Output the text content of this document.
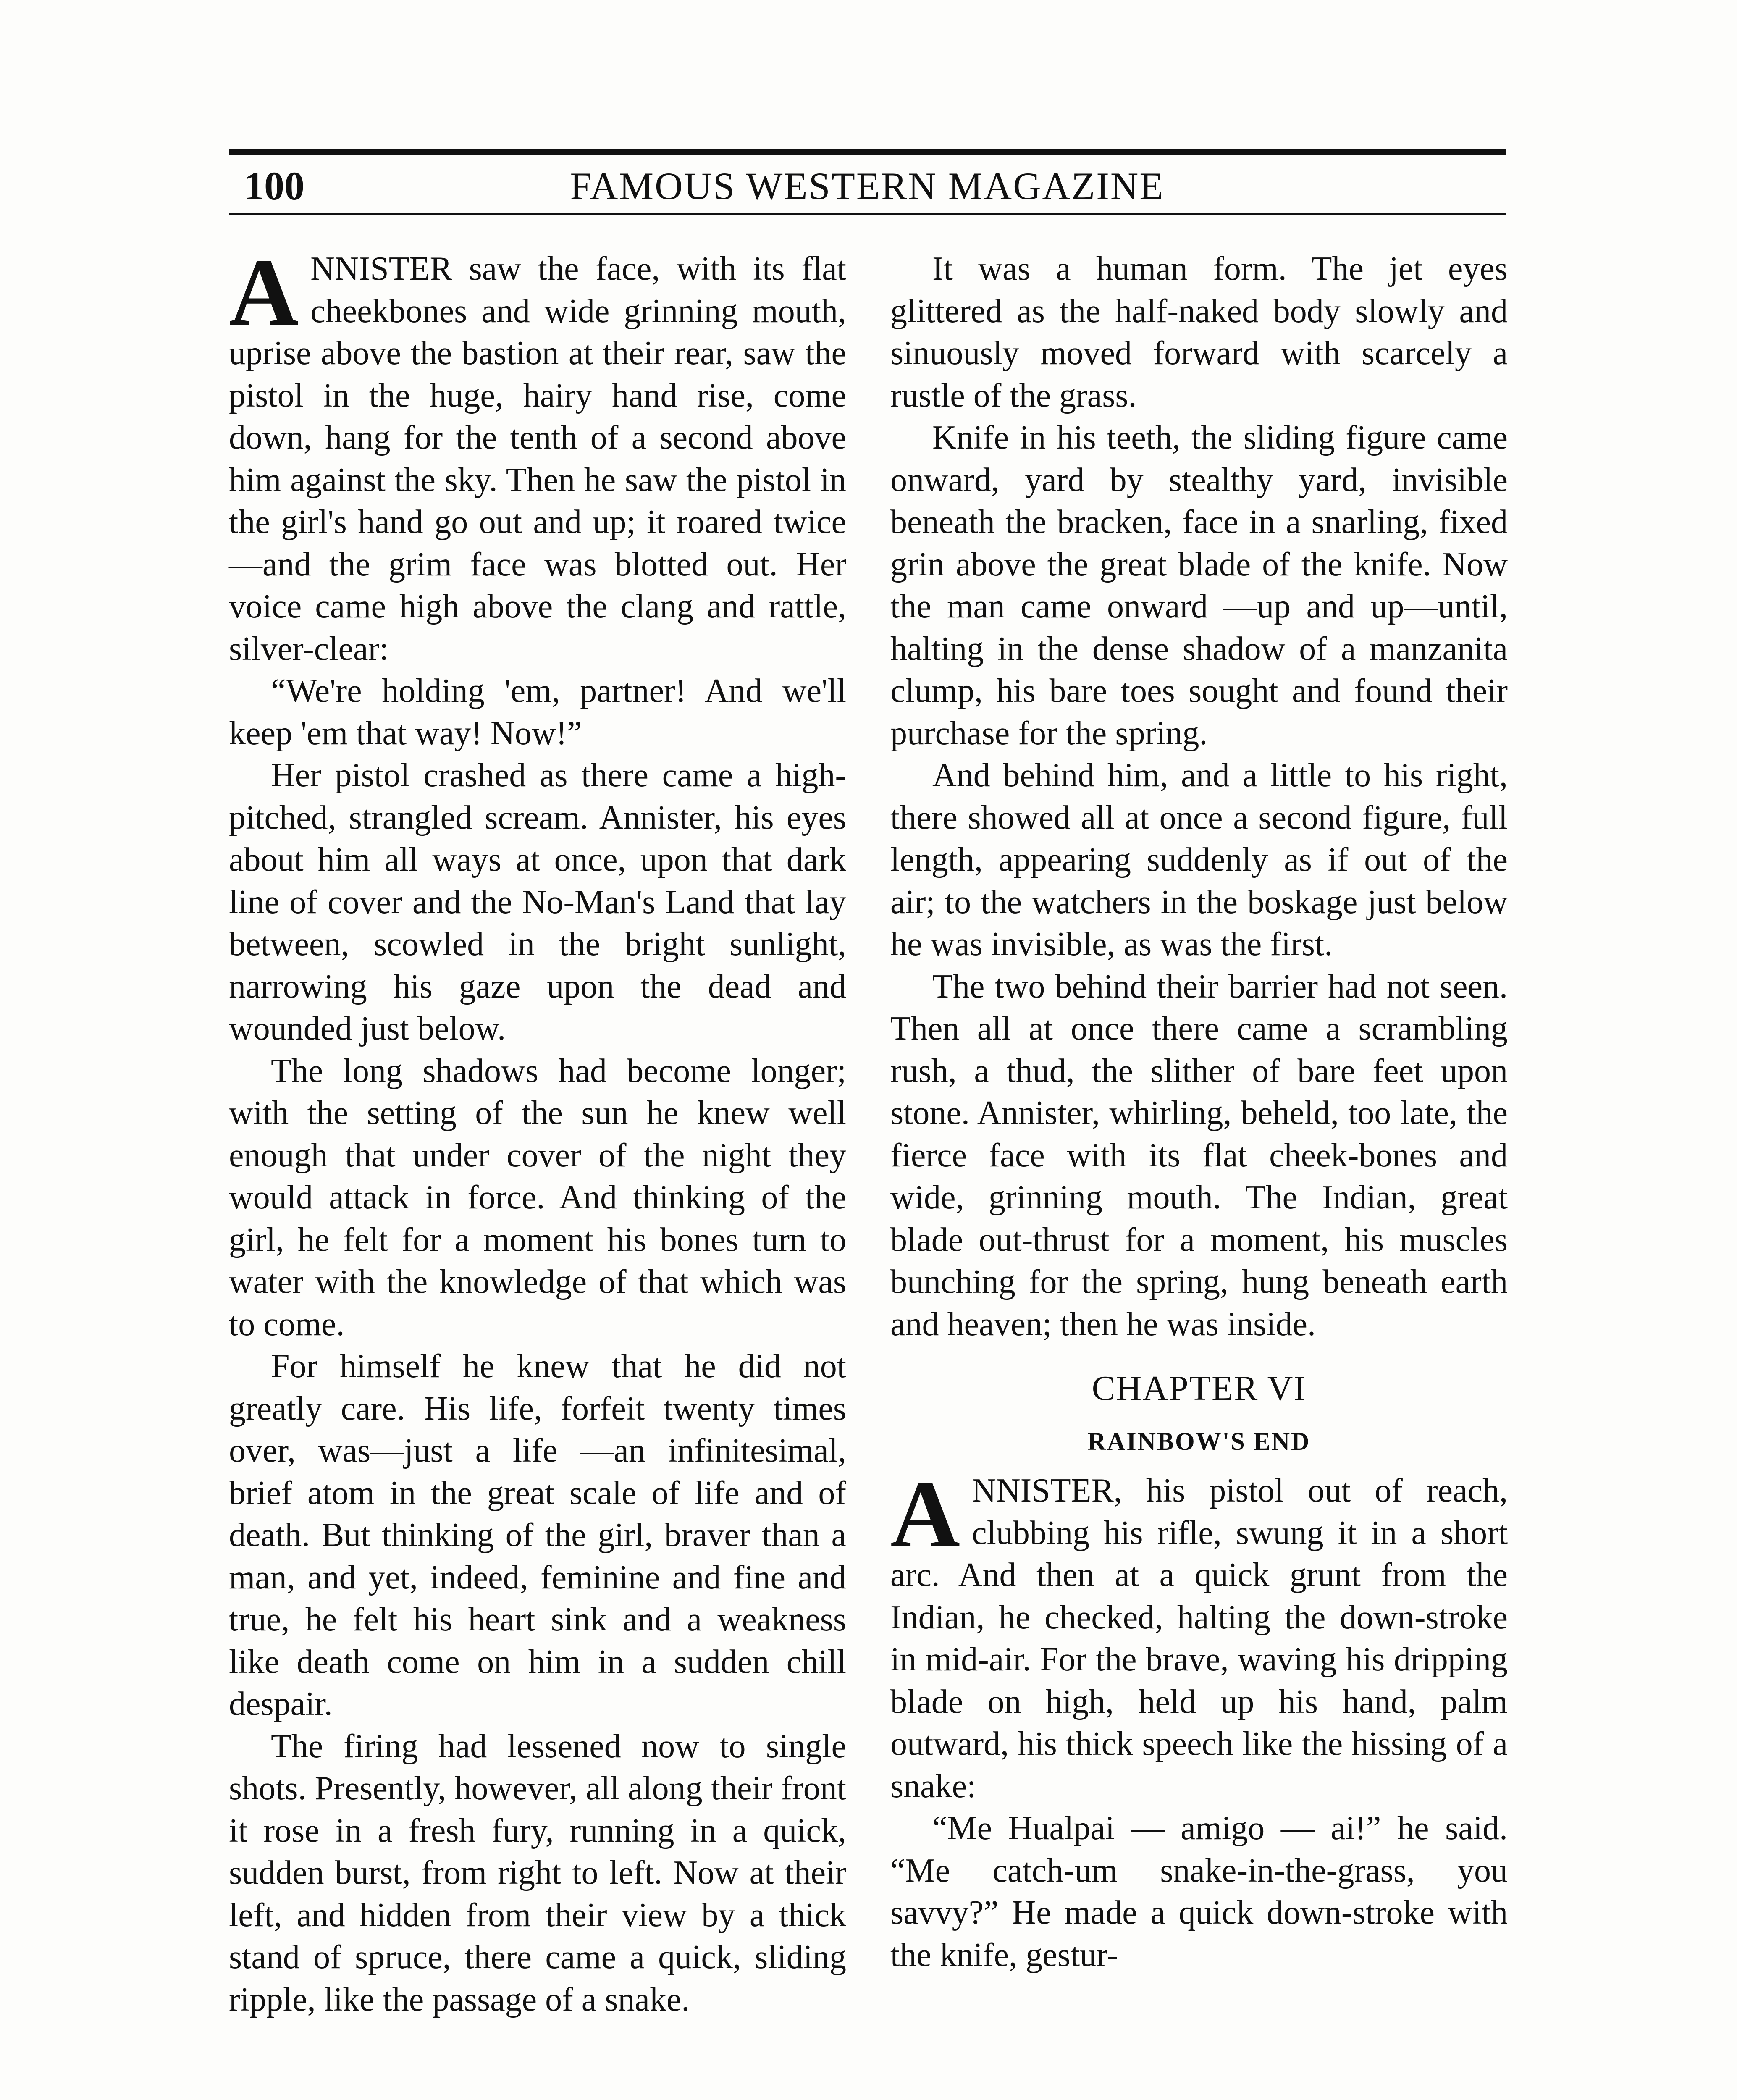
100	FAMOUS WESTERN MAGAZINE

ANNISTER saw the face, with its flat cheekbones and wide grinning mouth, uprise above the bastion at their rear, saw the pistol in the huge, hairy hand rise, come down, hang for the tenth of a second above him against the sky. Then he saw the pistol in the girl's hand go out and up; it roared twice—and the grim face was blotted out. Her voice came high above the clang and rattle, silver-clear:

“We're holding 'em, partner! And we'll keep 'em that way! Now!”

Her pistol crashed as there came a high-pitched, strangled scream. Annister, his eyes about him all ways at once, upon that dark line of cover and the No-Man's Land that lay between, scowled in the bright sunlight, narrowing his gaze upon the dead and wounded just below.

The long shadows had become longer; with the setting of the sun he knew well enough that under cover of the night they would attack in force. And thinking of the girl, he felt for a moment his bones turn to water with the knowledge of that which was to come.

For himself he knew that he did not greatly care. His life, forfeit twenty times over, was—just a life —an infinitesimal, brief atom in the great scale of life and of death. But thinking of the girl, braver than a man, and yet, indeed, feminine and fine and true, he felt his heart sink and a weakness like death come on him in a sudden chill despair.

The firing had lessened now to single shots. Presently, however, all along their front it rose in a fresh fury, running in a quick, sudden burst, from right to left. Now at their left, and hidden from their view by a thick stand of spruce, there came a quick, sliding ripple, like the passage of a snake.

It was a human form. The jet eyes glittered as the half-naked body slowly and sinuously moved forward with scarcely a rustle of the grass.

Knife in his teeth, the sliding figure came onward, yard by stealthy yard, invisible beneath the bracken, face in a snarling, fixed grin above the great blade of the knife. Now the man came onward —up and up—until, halting in the dense shadow of a manzanita clump, his bare toes sought and found their purchase for the spring.

And behind him, and a little to his right, there showed all at once a second figure, full length, appearing suddenly as if out of the air; to the watchers in the boskage just below he was invisible, as was the first.

The two behind their barrier had not seen. Then all at once there came a scrambling rush, a thud, the slither of bare feet upon stone. Annister, whirling, beheld, too late, the fierce face with its flat cheek-bones and wide, grinning mouth. The Indian, great blade out-thrust for a moment, his muscles bunching for the spring, hung beneath earth and heaven; then he was inside.

CHAPTER VI
RAINBOW'S END

ANNISTER, his pistol out of reach, clubbing his rifle, swung it in a short arc. And then at a quick grunt from the Indian, he checked, halting the down-stroke in mid-air. For the brave, waving his dripping blade on high, held up his hand, palm outward, his thick speech like the hissing of a snake:

“Me Hualpai — amigo — ai!” he said. “Me catch-um snake-in-the-grass, you savvy?” He made a quick down-stroke with the knife, gestur-
